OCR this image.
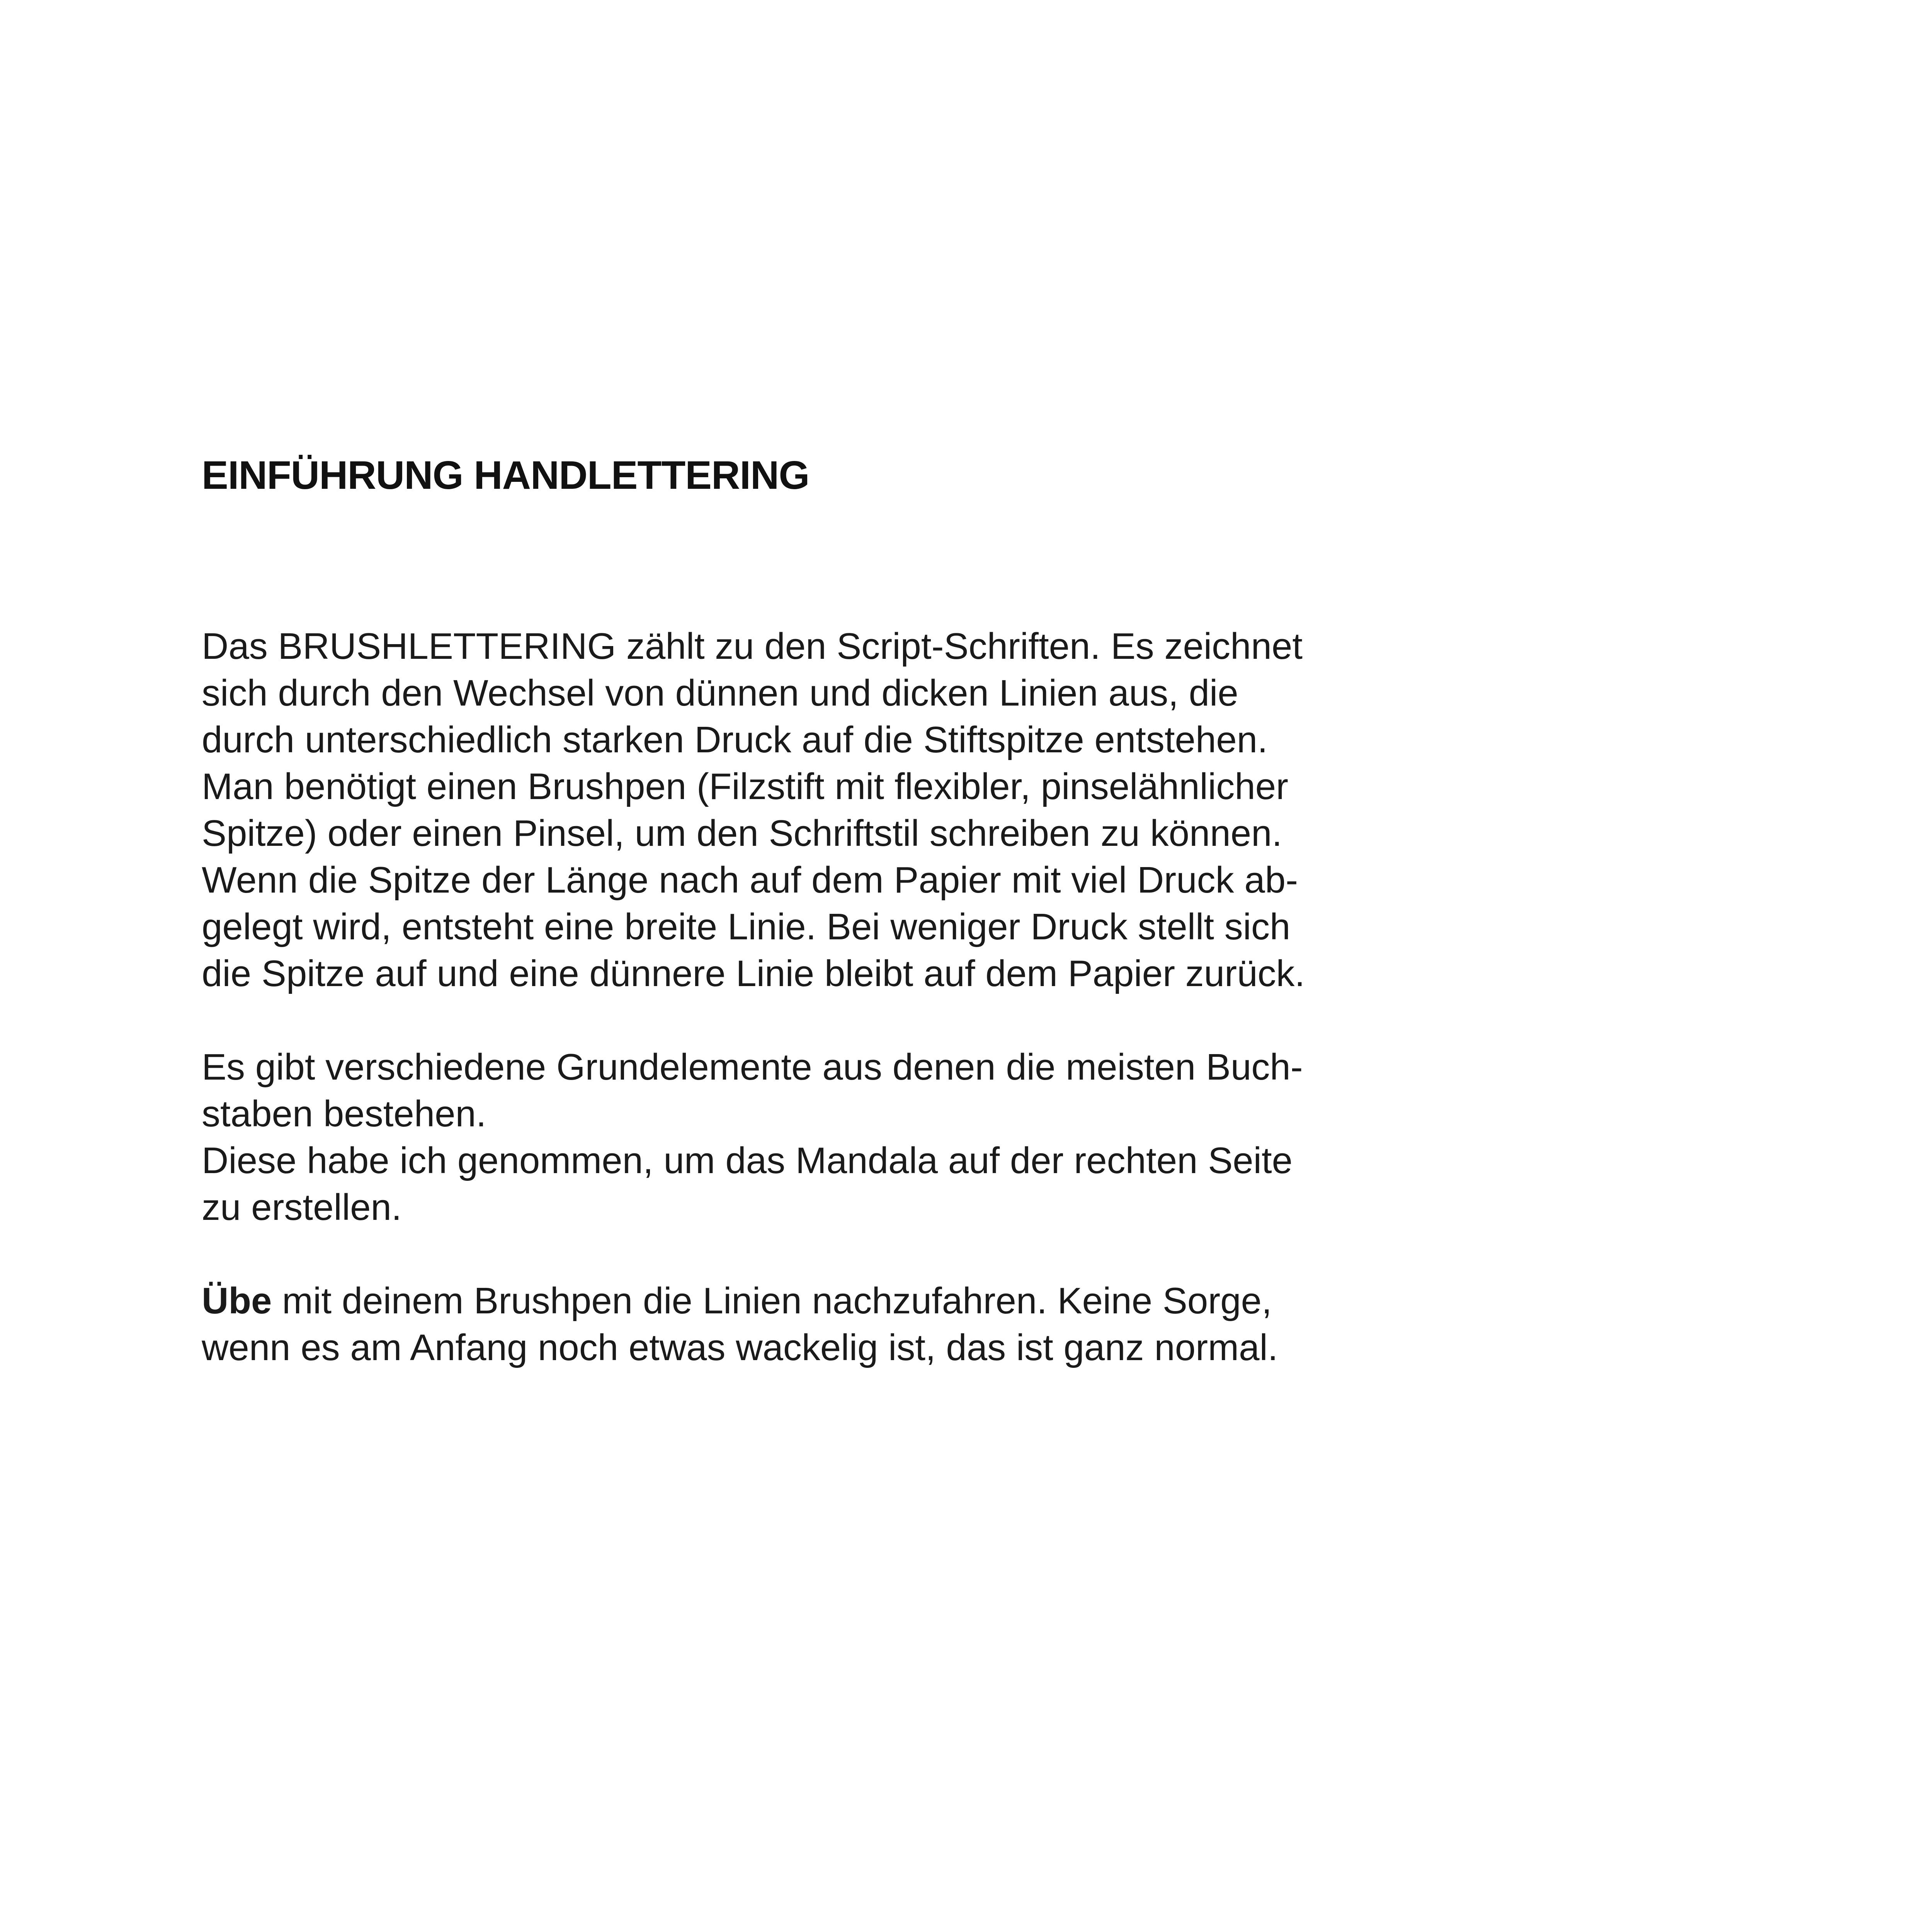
EINFÜHRUNG HANDLETTERING

Das BRUSHLETTERING zählt zu den Script-Schriften. Es zeichnet
sich durch den Wechsel von dünnen und dicken Linien aus, die
durch unterschiedlich starken Druck auf die Stiftspitze entstehen.
Man benötigt einen Brushpen (Filzstift mit flexibler, pinselähnlicher
Spitze) oder einen Pinsel, um den Schriftstil schreiben zu können.
Wenn die Spitze der Länge nach auf dem Papier mit viel Druck ab-
gelegt wird, entsteht eine breite Linie. Bei weniger Druck stellt sich
die Spitze auf und eine dünnere Linie bleibt auf dem Papier zurück.

Es gibt verschiedene Grundelemente aus denen die meisten Buch-
staben bestehen.
Diese habe ich genommen, um das Mandala auf der rechten Seite
zu erstellen.

Übe mit deinem Brushpen die Linien nachzufahren. Keine Sorge,
wenn es am Anfang noch etwas wackelig ist, das ist ganz normal.
